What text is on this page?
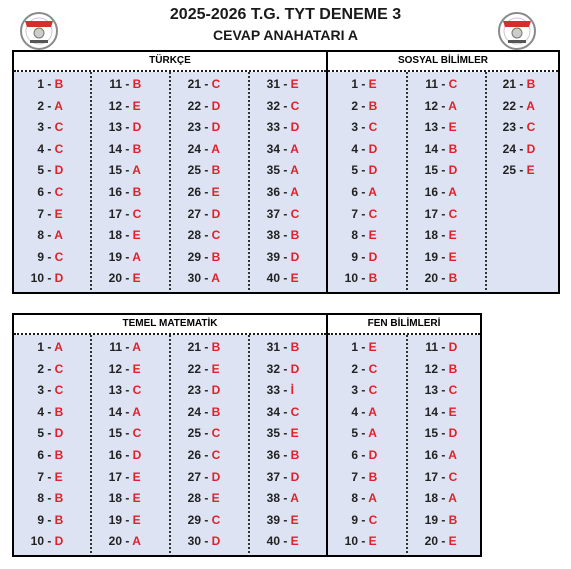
2025-2026 T.G. TYT DENEME 3
CEVAP ANAHATARI A
TÜRKÇE	SOSYAL BİLİMLER
1 - B
2 - A
3 - C
4 - C
5 - D
6 - C
7 - E
8 - A
9 - C
10 - D
11 - B
12 - E
13 - D
14 - B
15 - A
16 - B
17 - C
18 - E
19 - A
20 - E
21 - C
22 - D
23 - D
24 - A
25 - B
26 - E
27 - D
28 - C
29 - B
30 - A
31 - E
32 - C
33 - D
34 - A
35 - A
36 - A
37 - C
38 - B
39 - D
40 - E
1 - E
2 - B
3 - C
4 - D
5 - D
6 - A
7 - C
8 - E
9 - D
10 - B
11 - C
12 - A
13 - E
14 - B
15 - D
16 - A
17 - C
18 - E
19 - E
20 - B
21 - B
22 - A
23 - C
24 - D
25 - E
TEMEL MATEMATİK	FEN BİLİMLERİ
1 - A
2 - C
3 - C
4 - B
5 - D
6 - B
7 - E
8 - B
9 - B
10 - D
11 - A
12 - E
13 - C
14 - A
15 - C
16 - D
17 - E
18 - E
19 - E
20 - A
21 - B
22 - E
23 - D
24 - B
25 - C
26 - C
27 - D
28 - E
29 - C
30 - D
31 - B
32 - D
33 - İ
34 - C
35 - E
36 - B
37 - D
38 - A
39 - E
40 - E
1 - E
2 - C
3 - C
4 - A
5 - A
6 - D
7 - B
8 - A
9 - C
10 - E
11 - D
12 - B
13 - C
14 - E
15 - D
16 - A
17 - C
18 - A
19 - B
20 - E
